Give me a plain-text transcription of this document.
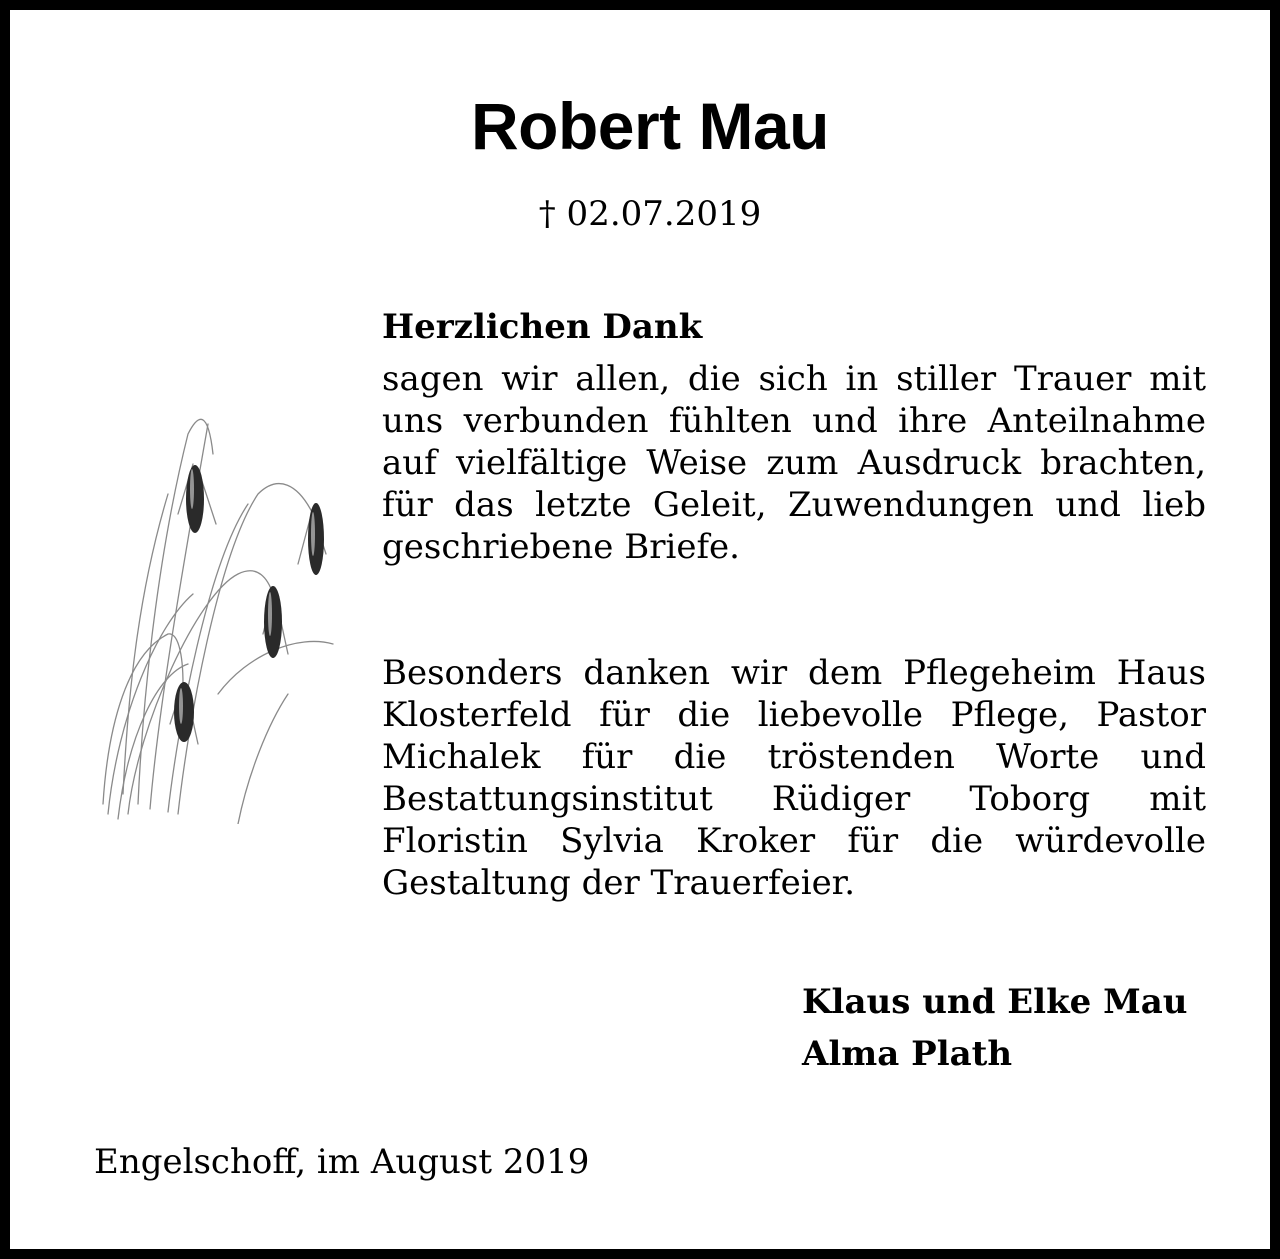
Robert Mau
† 02.07.2019
Herzlichen Dank
sagen wir allen, die sich in stiller Trauer mit uns verbunden fühlten und ihre Anteilnahme auf vielfältige Weise zum Ausdruck brachten, für das letzte Geleit, Zuwendungen und lieb geschriebene Briefe.
Besonders danken wir dem Pflegeheim Haus Klosterfeld für die liebevolle Pflege, Pastor Michalek für die tröstenden Worte und Bestattungsinstitut Rüdiger Toborg mit Floristin Sylvia Kroker für die würdevolle Gestaltung der Trauerfeier.
Klaus und Elke Mau
Alma Plath
Engelschoff, im August 2019
